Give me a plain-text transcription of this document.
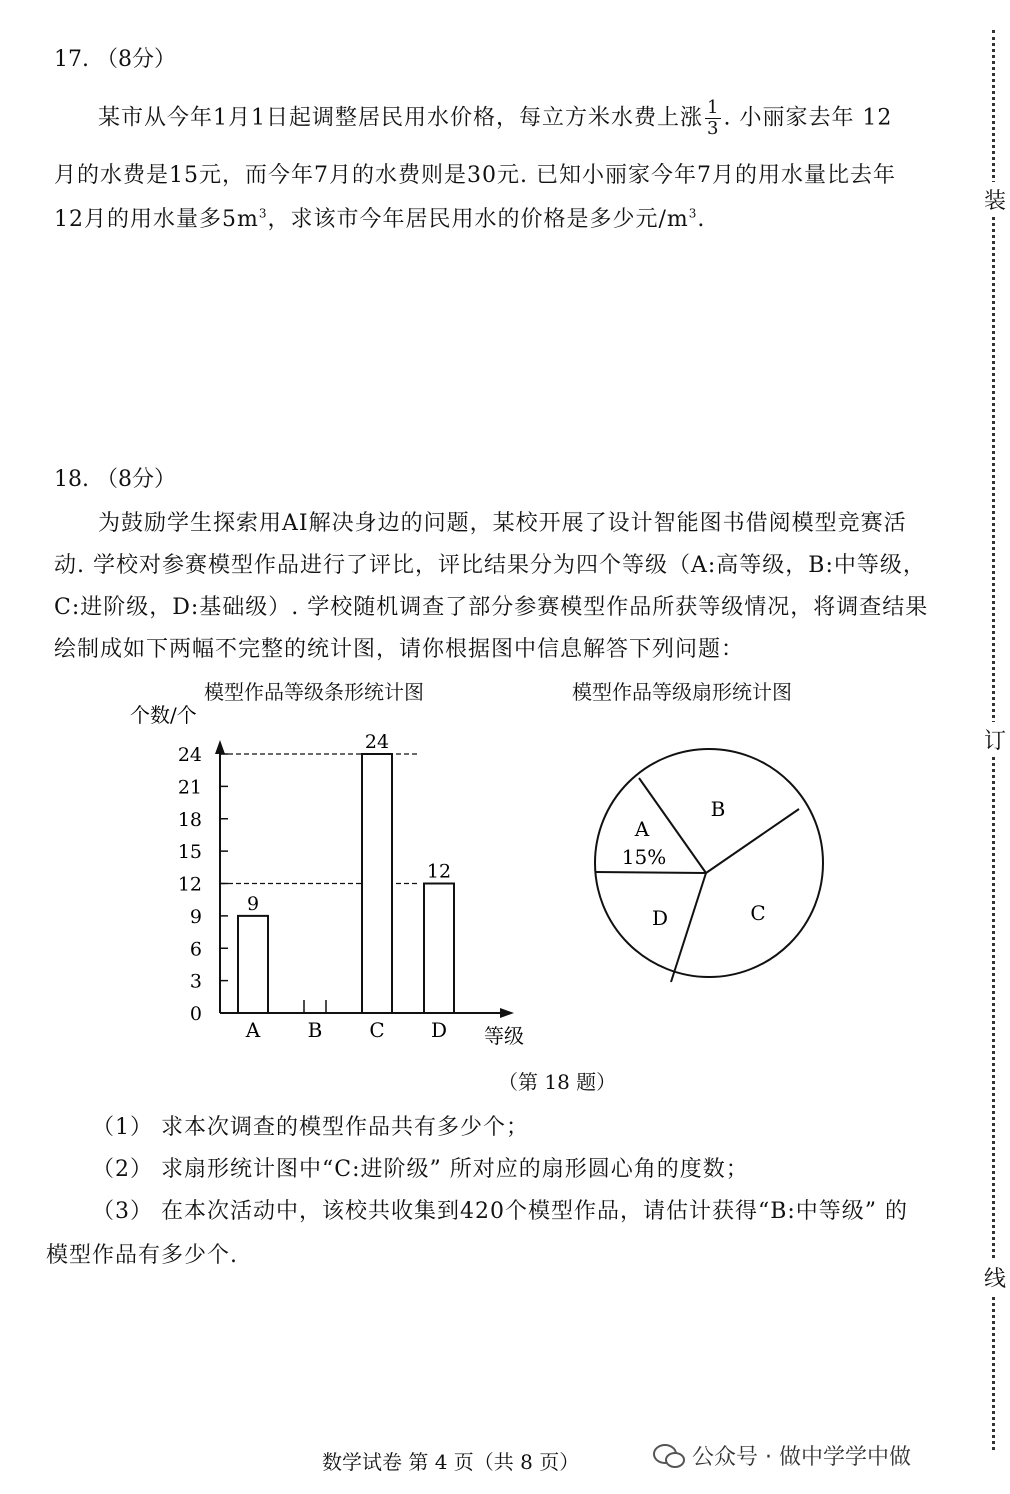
装
订
线
17. （8分）
某市从今年1月1日起调整居民用水价格，每立方米水费上涨 $\frac{1}{3}$ . 小丽家去年 12
月的水费是15元，而今年7月的水费则是30元. 已知小丽家今年7月的用水量比去年
12月的用水量多$5m^3$，求该市今年居民用水的价格是多少元$/m^3$.
18. （8分）
为鼓励学生探索用AI解决身边的问题，某校开展了设计智能图书借阅模型竞赛活
动. 学校对参赛模型作品进行了评比，评比结果分为四个等级（A:高等级，B:中等级，
C:进阶级，D:基础级）. 学校随机调查了部分参赛模型作品所获等级情况，将调查结果
绘制成如下两幅不完整的统计图，请你根据图中信息解答下列问题：
模型作品等级条形统计图
个数/个
等级
0
3
6
9
12
15
18
21
24
9
A B
24
C
12
D
模型作品等级扇形统计图
A
15%
B
C
D
（第 18 题）
（1） 求本次调查的模型作品共有多少个；
（2） 求扇形统计图中“C:进阶级” 所对应的扇形圆心角的度数；
（3） 在本次活动中，该校共收集到420个模型作品，请估计获得“B:中等级” 的
模型作品有多少个.
数学试卷 第 4 页（共 8 页）	公众号 · 做中学学中做
